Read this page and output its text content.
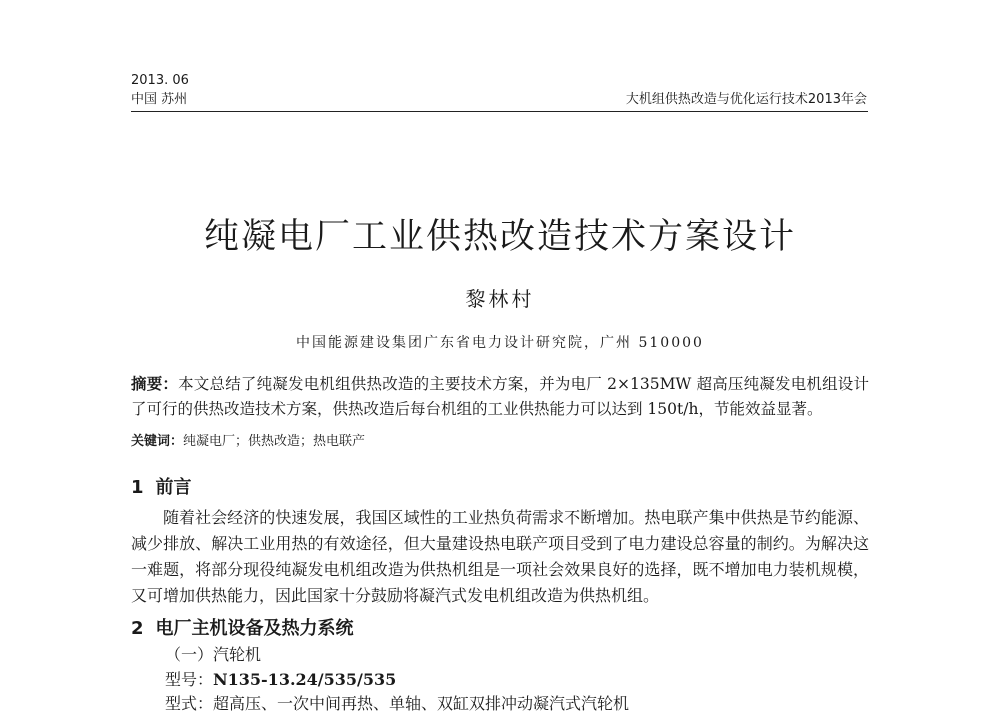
2013. 06
中国 苏州	大机组供热改造与优化运行技术2013年会
纯凝电厂工业供热改造技术方案设计
黎林村
中国能源建设集团广东省电力设计研究院，广州 510000
摘要：本文总结了纯凝发电机组供热改造的主要技术方案，并为电厂 2×135MW 超高压纯凝发电机组设计了可行的供热改造技术方案，供热改造后每台机组的工业供热能力可以达到 150t/h，节能效益显著。
关键词：纯凝电厂；供热改造；热电联产
1 前言

随着社会经济的快速发展，我国区域性的工业热负荷需求不断增加。热电联产集中供热是节约能源、减少排放、解决工业用热的有效途径，但大量建设热电联产项目受到了电力建设总容量的制约。为解决这一难题，将部分现役纯凝发电机组改造为供热机组是一项社会效果良好的选择，既不增加电力装机规模，又可增加供热能力，因此国家十分鼓励将凝汽式发电机组改造为供热机组。

2 电厂主机设备及热力系统
（一）汽轮机
型号：N135-13.24/535/535
型式：超高压、一次中间再热、单轴、双缸双排冲动凝汽式汽轮机
